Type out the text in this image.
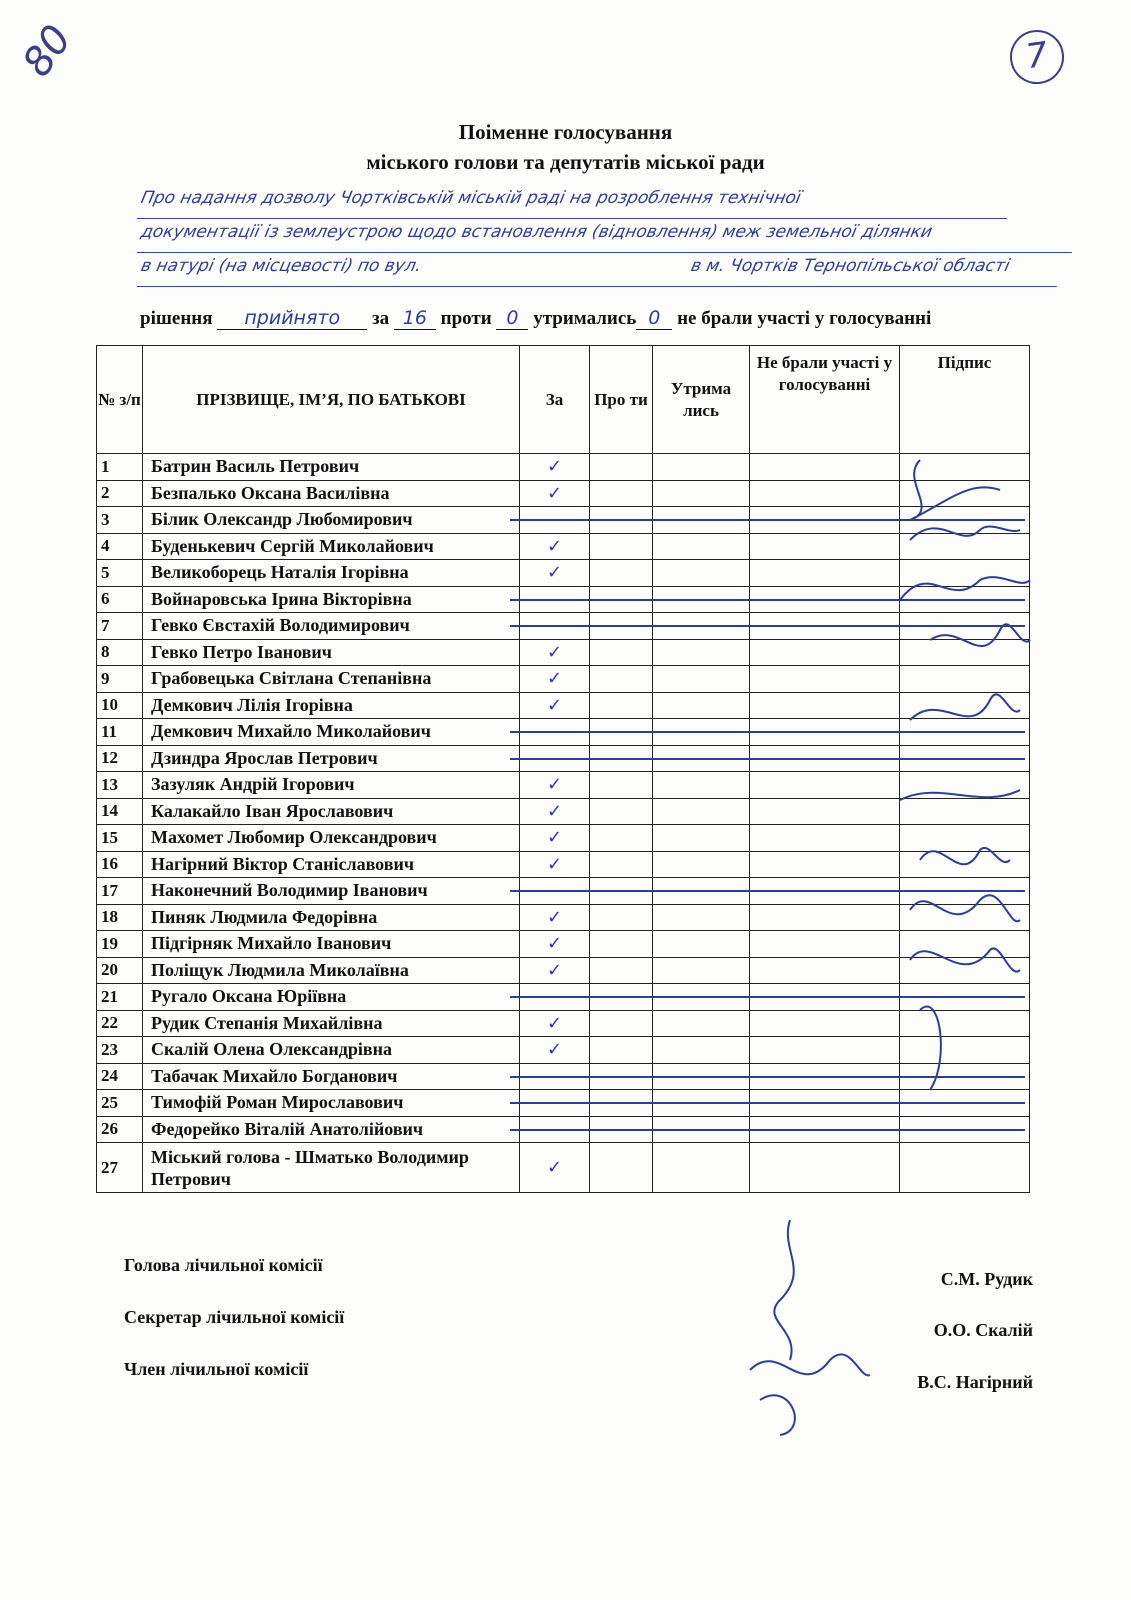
80	7
Поіменне голосування
міського голови та депутатів міської ради
Про надання дозволу Чортківській міській раді на розроблення технічної
документації із землеустрою щодо встановлення (відновлення) меж земельної ділянки
в натурі (на місцевості) по вул.	в м. Чортків Тернопільської області
рішення прийнято за 16 проти 0 утримались 0 не брали участі у голосуванні
№ з/п	ПРІЗВИЩЕ, ІМ’Я, ПО БАТЬКОВІ	За	Про ти	Утрима лись	Не брали участі у голосуванні	Підпис
1	Батрин Василь Петрович	✓				
2	Безпалько Оксана Василівна	✓				
3	Білик Олександр Любомирович	

4	Буденькевич Сергій Миколайович	✓				
5	Великоборець Наталія Ігорівна	✓				
6	Войнаровська Ірина Вікторівна	

7	Гевко Євстахій Володимирович	

8	Гевко Петро Іванович	✓				
9	Грабовецька Світлана Степанівна	✓				
10	Демкович Лілія Ігорівна	✓				
11	Демкович Михайло Миколайович	

12	Дзиндра Ярослав Петрович	

13	Зазуляк Андрій Ігорович	✓				
14	Калакайло Іван Ярославович	✓				
15	Махомет Любомир Олександрович	✓				
16	Нагірний Віктор Станіславович	✓				
17	Наконечний Володимир Іванович	

18	Пиняк Людмила Федорівна	✓				
19	Підгірняк Михайло Іванович	✓				
20	Поліщук Людмила Миколаївна	✓				
21	Ругало Оксана Юріївна	

22	Рудик Степанія Михайлівна	✓				
23	Скалій Олена Олександрівна	✓				
24	Табачак Михайло Богданович	

25	Тимофій Роман Мирославович	

26	Федорейко Віталій Анатолійович	

27	Міський голова - Шматько Володимир Петрович	✓				
Голова лічильної комісії
Секретар лічильної комісії
Член лічильної комісії
С.М. Рудик
О.О. Скалій
В.С. Нагірний
